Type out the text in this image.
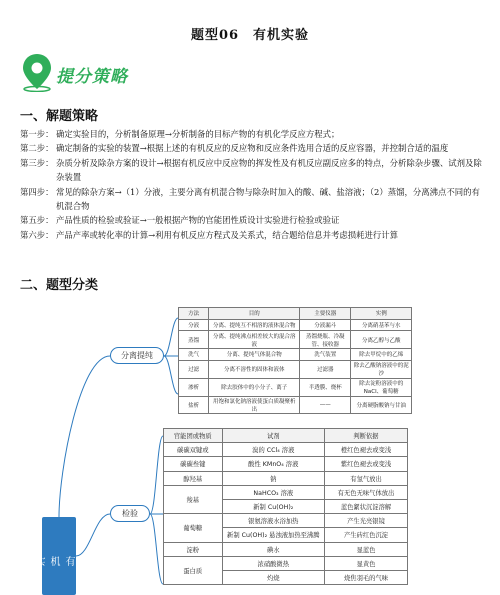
题型06　有机实验
提分策略
一、解题策略
第一步： 确定实验目的，分析制备原理→分析制备的目标产物的有机化学反应方程式；
第二步： 确定制备的实验的装置→根据上述的有机反应的反应物和反应条件选用合适的反应容器，并控制合适的温度
第三步： 杂质分析及除杂方案的设计→根据有机反应中反应物的挥发性及有机反应副反应多的特点，分析除杂步骤、试剂及除杂装置
第四步： 常见的除杂方案→（1）分液，主要分离有机混合物与除杂时加入的酸、碱、盐溶液；（2）蒸馏，分离沸点不同的有机混合物
第五步： 产品性质的检验或验证→一般根据产物的官能团性质设计实验进行检验或验证
第六步： 产品产率或转化率的计算→利用有机反应方程式及关系式，结合题给信息并考虑损耗进行计算
二、题型分类
分离提纯
检验
有
机
实
验
方法	目的	主要仪器	实例
分液	分离、提纯互不相溶的液体混合物	分液漏斗	分离硝基苯与水
蒸馏	分离、提纯沸点相差较大的混合溶液	蒸馏烧瓶、冷凝管、接收器	分离乙醇与乙酸
洗气	分离、提纯气体混合物	洗气装置	除去甲烷中的乙烯
过滤	分离不溶性的固体和液体	过滤器	除去乙酸钠溶液中的泥沙
渗析	除去胶体中的小分子、离子	半透膜、烧杯	除去淀粉溶液中的NaCl、葡萄糖
盐析	用饱和氯化钠溶液使蛋白质凝聚析出	——	分离硬脂酸钠与甘油
官能团或物质	试剂	判断依据
碳碳双键或	溴的 CCl₄ 溶液	橙红色褪去或变浅
碳碳叁键	酸性 KMnO₄ 溶液	紫红色褪去或变浅
醇羟基	钠	有氢气放出
羧基	NaHCO₃ 溶液	有无色无味气体放出
	新制 Cu(OH)₂	蓝色絮状沉淀溶解
葡萄糖	银氨溶液水浴加热	产生光亮银镜
	新制 Cu(OH)₂ 悬浊液加热至沸腾	产生砖红色沉淀
淀粉	碘水	显蓝色
蛋白质	浓硝酸微热	显黄色
	灼烧	烧焦羽毛的气味
